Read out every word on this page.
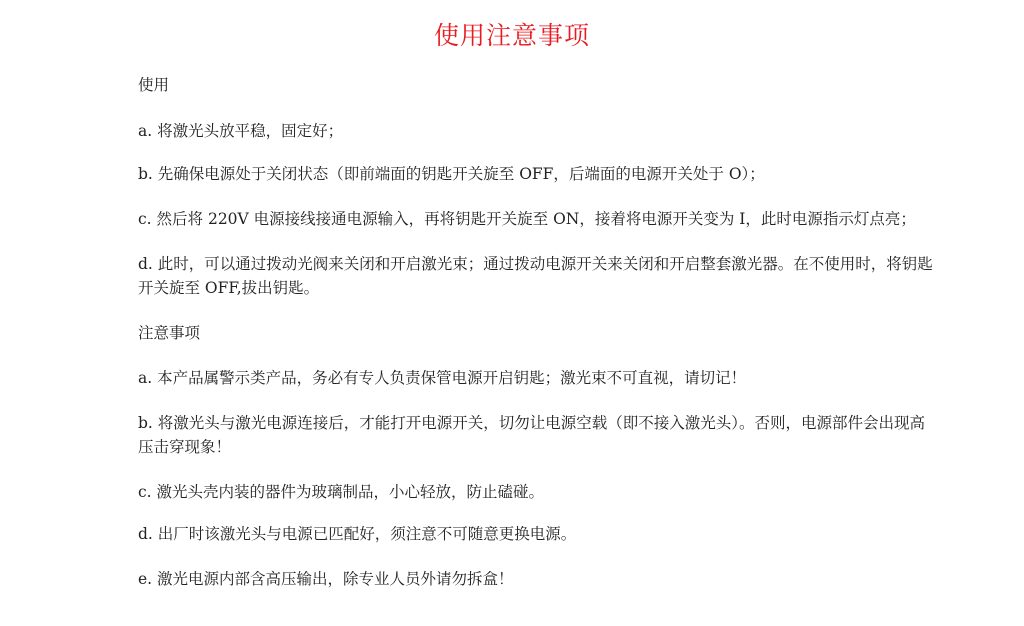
使用注意事项

使用

a. 将激光头放平稳，固定好；

b. 先确保电源处于关闭状态（即前端面的钥匙开关旋至 OFF，后端面的电源开关处于 O）；

c. 然后将 220V 电源接线接通电源输入，再将钥匙开关旋至 ON，接着将电源开关变为 I，此时电源指示灯点亮；

d. 此时，可以通过拨动光阀来关闭和开启激光束；通过拨动电源开关来关闭和开启整套激光器。在不使用时，将钥匙开关旋至 OFF,拔出钥匙。

注意事项

a. 本产品属警示类产品，务必有专人负责保管电源开启钥匙；激光束不可直视，请切记！

b. 将激光头与激光电源连接后，才能打开电源开关，切勿让电源空载（即不接入激光头）。否则，电源部件会出现高压击穿现象！

c. 激光头壳内装的器件为玻璃制品，小心轻放，防止磕碰。

d. 出厂时该激光头与电源已匹配好，须注意不可随意更换电源。

e. 激光电源内部含高压输出，除专业人员外请勿拆盒！
